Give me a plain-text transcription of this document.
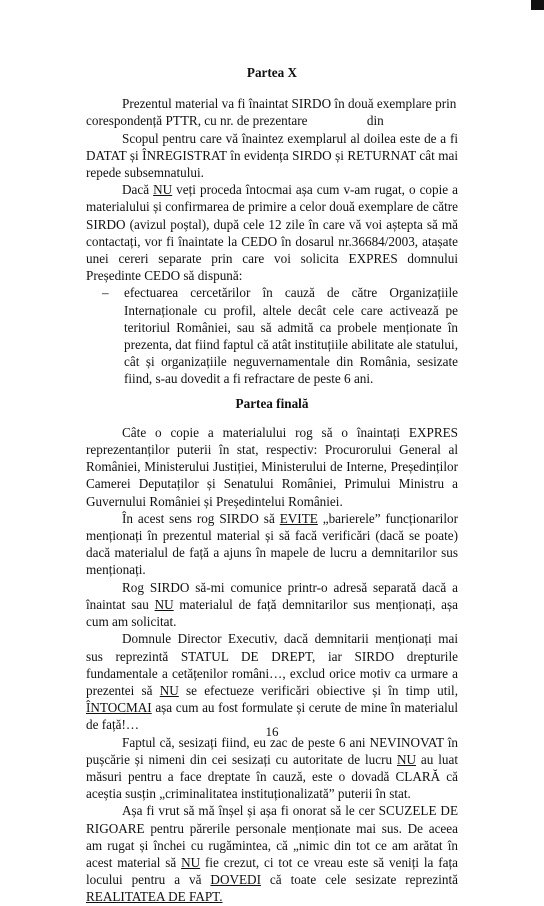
Partea X

Prezentul material va fi înaintat SIRDO în două exemplare prin
corespondență PTTR, cu nr. de prezentare                  din

Scopul pentru care vă înaintez exemplarul al doilea este de a fi DATAT și ÎNREGISTRAT în evidența SIRDO și RETURNAT cât mai repede subsemnatului.

Dacă NU veți proceda întocmai așa cum v-am rugat, o copie a materialului și confirmarea de primire a celor două exemplare de către SIRDO (avizul poștal), după cele 12 zile în care vă voi aștepta să mă contactați, vor fi înaintate la CEDO în dosarul nr.36684/2003, atașate unei cereri separate prin care voi solicita EXPRES domnului Președinte CEDO să dispună:

– efectuarea cercetărilor în cauză de către Organizațiile Internaționale cu profil, altele decât cele care activează pe teritoriul României, sau să admită ca probele menționate în prezenta, dat fiind faptul că atât instituțiile abilitate ale statului, cât și organizațiile neguvernamentale din România, sesizate fiind, s-au dovedit a fi refractare de peste 6 ani.
Partea finală

Câte o copie a materialului rog să o înaintați EXPRES reprezentanților puterii în stat, respectiv: Procurorului General al României, Ministerului Justiției, Ministerului de Interne, Președinților Camerei Deputaților și Senatului României, Primului Ministru a Guvernului României și Președintelui României.

În acest sens rog SIRDO să EVITE „barierele” funcționarilor menționați în prezentul material și să facă verificări (dacă se poate) dacă materialul de față a ajuns în mapele de lucru a demnitarilor sus menționați.

Rog SIRDO să-mi comunice printr-o adresă separată dacă a înaintat sau NU materialul de față demnitarilor sus menționați, așa cum am solicitat.

Domnule Director Executiv, dacă demnitarii menționați mai sus reprezintă STATUL DE DREPT, iar SIRDO drepturile fundamentale a cetățenilor români…, exclud orice motiv ca urmare a prezentei să NU se efectueze verificări obiective și în timp util, ÎNTOCMAI așa cum au fost formulate și cerute de mine în materialul de față!…

Faptul că, sesizați fiind, eu zac de peste 6 ani NEVINOVAT în pușcărie și nimeni din cei sesizați cu autoritate de lucru NU au luat măsuri pentru a face dreptate în cauză, este o dovadă CLARĂ că aceștia susțin „criminalitatea instituționalizată” puterii în stat.

Așa fi vrut să mă înșel și așa fi onorat să le cer SCUZELE DE RIGOARE pentru părerile personale menționate mai sus. De aceea am rugat și închei cu rugămintea, că „nimic din tot ce am arătat în acest material să NU fie crezut, ci tot ce vreau este să veniți la fața locului pentru a vă DOVEDI că toate cele sesizate reprezintă REALITATEA DE FAPT.

16
